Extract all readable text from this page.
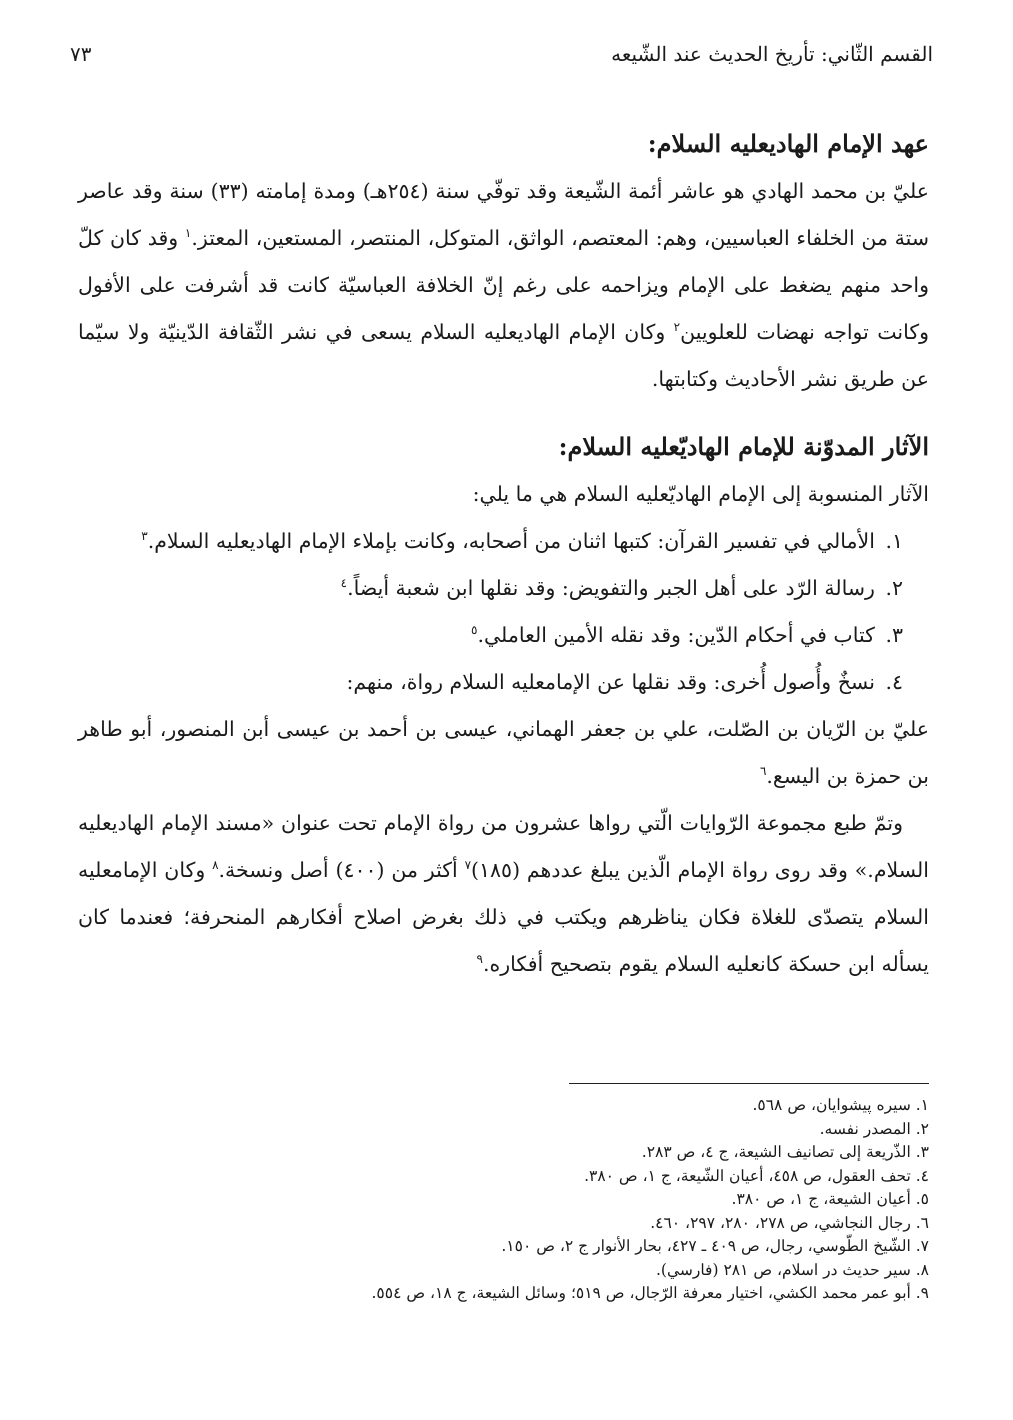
القسم الثّاني: تأريخ الحديث عند الشّيعه
٧٣
عهد الإمام الهاديعليه السلام:

عليّ بن محمد الهادي هو عاشر أئمة الشّيعة وقد توفّي سنة (٢٥٤هـ) ومدة إمامته (٣٣) سنة وقد عاصر ستة من الخلفاء العباسيين، وهم: المعتصم، الواثق، المتوكل، المنتصر، المستعين، المعتز.$^١$ وقد كان كلّ واحد منهم يضغط على الإمام ويزاحمه على رغم إنّ الخلافة العباسيّة كانت قد أشرفت على الأفول وكانت تواجه نهضات للعلويين$^٢$ وكان الإمام الهاديعليه السلام يسعى في نشر الثّقافة الدّينيّة ولا سيّما عن طريق نشر الأحاديث وكتابتها.

الآثار المدوّنة للإمام الهاديّعليه السلام:

الآثار المنسوبة إلى الإمام الهاديّعليه السلام هي ما يلي:

١. الأمالي في تفسير القرآن: كتبها اثنان من أصحابه، وكانت بإملاء الإمام الهاديعليه السلام.$^٣$
٢. رسالة الرّد على أهل الجبر والتفويض: وقد نقلها ابن شعبة أيضاً.$^٤$
٣. كتاب في أحكام الدّين: وقد نقله الأمين العاملي.$^٥$
٤. نسخٌ وأُصول أُخرى: وقد نقلها عن الإمامعليه السلام رواة، منهم:

عليّ بن الرّيان بن الصّلت، علي بن جعفر الهماني، عيسى بن أحمد بن عيسى أبن المنصور، أبو طاهر بن حمزة بن اليسع.$^٦$

وتمّ طبع مجموعة الرّوايات الّتي رواها عشرون من رواة الإمام تحت عنوان «مسند الإمام الهاديعليه السلام.» وقد روى رواة الإمام الّذين يبلغ عددهم (١٨٥)$^٧$ أكثر من (٤٠٠) أصل ونسخة.$^٨$ وكان الإمامعليه السلام يتصدّى للغلاة فكان يناظرهم ويكتب في ذلك بغرض اصلاح أفكارهم المنحرفة؛ فعندما كان يسأله ابن حسكة كانعليه السلام يقوم بتصحيح أفكاره.$^٩$

١. سيره پيشوايان، ص ٥٦٨.
٢. المصدر نفسه.
٣. الذّريعة إلى تصانيف الشيعة، ج ٤، ص ٢٨٣.
٤. تحف العقول، ص ٤٥٨، أعيان الشّيعة، ج ١، ص ٣٨٠.
٥. أعيان الشيعة، ج ١، ص ٣٨٠.
٦. رجال النجاشي، ص ٢٧٨، ٢٨٠، ٢٩٧، ٤٦٠.
٧. الشّيخ الطّوسي، رجال، ص ٤٠٩ ـ ٤٢٧، بحار الأنوار ج ٢، ص ١٥٠.
٨. سير حديث در اسلام، ص ٢٨١ (فارسي).
٩. أبو عمر محمد الكشي، اختيار معرفة الرّجال، ص ٥١٩؛ وسائل الشيعة، ج ١٨، ص ٥٥٤.
